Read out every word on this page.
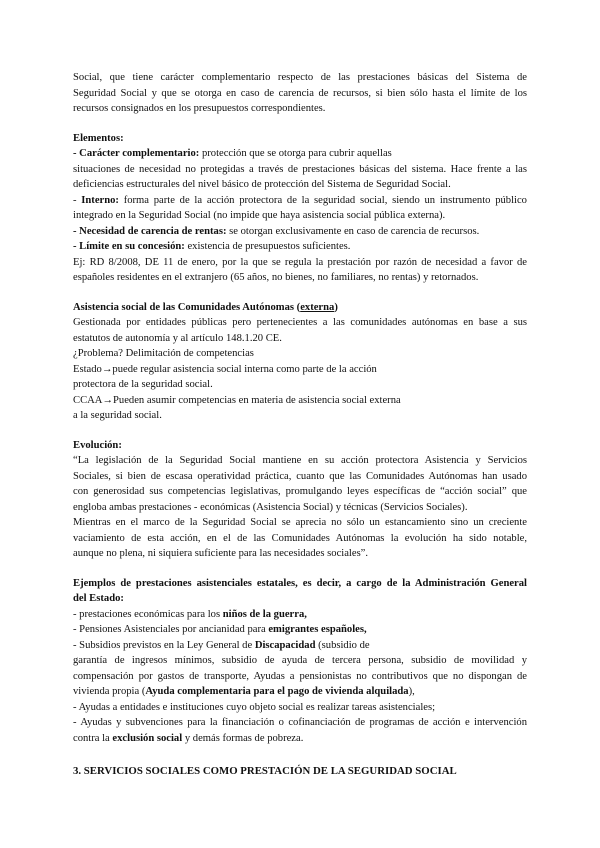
Social, que tiene carácter complementario respecto de las prestaciones básicas del Sistema de
Seguridad Social y que se otorga en caso de carencia de recursos, si bien sólo hasta el límite de los
recursos consignados en los presupuestos correspondientes.
Elementos:
- Carácter complementario: protección que se otorga para cubrir aquellas
situaciones de necesidad no protegidas a través de prestaciones básicas del sistema. Hace frente a las
deficiencias estructurales del nivel básico de protección del Sistema de Seguridad Social.
- Interno: forma parte de la acción protectora de la seguridad social, siendo un instrumento público
integrado en la Seguridad Social (no impide que haya asistencia social pública externa).
- Necesidad de carencia de rentas: se otorgan exclusivamente en caso de carencia de recursos.
- Límite en su concesión: existencia de presupuestos suficientes.
Ej: RD 8/2008, DE 11 de enero, por la que se regula la prestación por razón de necesidad a favor de
españoles residentes en el extranjero (65 años, no bienes, no familiares, no rentas) y retornados.
Asistencia social de las Comunidades Autónomas (externa)
Gestionada por entidades públicas pero pertenecientes a las comunidades autónomas en base a sus
estatutos de autonomía y al artículo 148.1.20 CE.
¿Problema? Delimitación de competencias
Estado→puede regular asistencia social interna como parte de la acción
protectora de la seguridad social.
CCAA→Pueden asumir competencias en materia de asistencia social externa
a la seguridad social.
Evolución:
“La legislación de la Seguridad Social mantiene en su acción protectora Asistencia y Servicios
Sociales, si bien de escasa operatividad práctica, cuanto que las Comunidades Autónomas han usado
con generosidad sus competencias legislativas, promulgando leyes específicas de “acción social” que
engloba ambas prestaciones - económicas (Asistencia Social) y técnicas (Servicios Sociales).
Mientras en el marco de la Seguridad Social se aprecia no sólo un estancamiento sino un creciente
vaciamiento de esta acción, en el de las Comunidades Autónomas la evolución ha sido notable,
aunque no plena, ni siquiera suficiente para las necesidades sociales”.
Ejemplos de prestaciones asistenciales estatales, es decir, a cargo de la Administración General
del Estado:
- prestaciones económicas para los niños de la guerra,
- Pensiones Asistenciales por ancianidad para emigrantes españoles,
- Subsidios previstos en la Ley General de Discapacidad (subsidio de
garantía de ingresos mínimos, subsidio de ayuda de tercera persona, subsidio de movilidad y
compensación por gastos de transporte, Ayudas a pensionistas no contributivos que no dispongan de
vivienda propia (Ayuda complementaria para el pago de vivienda alquilada),
- Ayudas a entidades e instituciones cuyo objeto social es realizar tareas asistenciales;
- Ayudas y subvenciones para la financiación o cofinanciación de programas de acción e intervención
contra la exclusión social y demás formas de pobreza.
3. SERVICIOS SOCIALES COMO PRESTACIÓN DE LA SEGURIDAD SOCIAL
